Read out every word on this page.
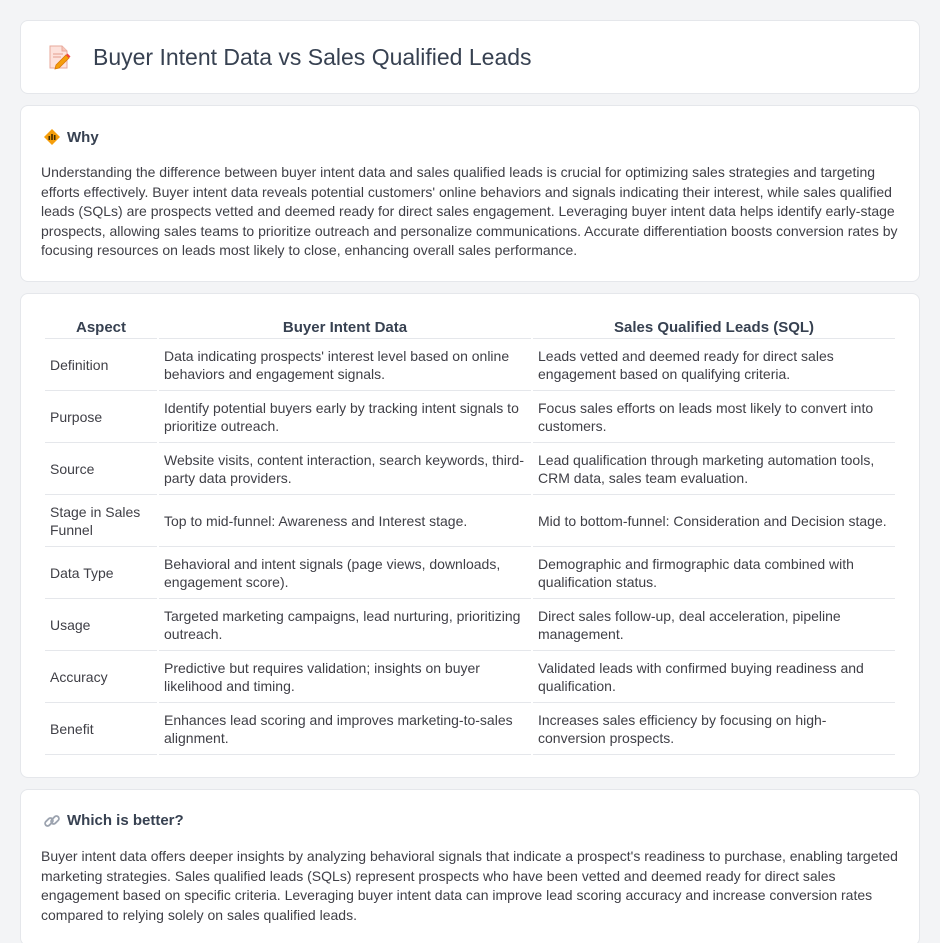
Buyer Intent Data vs Sales Qualified Leads
Why

Understanding the difference between buyer intent data and sales qualified leads is crucial for optimizing sales strategies and targeting efforts effectively. Buyer intent data reveals potential customers' online behaviors and signals indicating their interest, while sales qualified leads (SQLs) are prospects vetted and deemed ready for direct sales engagement. Leveraging buyer intent data helps identify early-stage prospects, allowing sales teams to prioritize outreach and personalize communications. Accurate differentiation boosts conversion rates by focusing resources on leads most likely to close, enhancing overall sales performance.

Aspect	Buyer Intent Data	Sales Qualified Leads (SQL)
Definition	Data indicating prospects' interest level based on online behaviors and engagement signals.	Leads vetted and deemed ready for direct sales engagement based on qualifying criteria.
Purpose	Identify potential buyers early by tracking intent signals to prioritize outreach.	Focus sales efforts on leads most likely to convert into customers.
Source	Website visits, content interaction, search keywords, third-party data providers.	Lead qualification through marketing automation tools, CRM data, sales team evaluation.
Stage in Sales Funnel	Top to mid-funnel: Awareness and Interest stage.	Mid to bottom-funnel: Consideration and Decision stage.
Data Type	Behavioral and intent signals (page views, downloads, engagement score).	Demographic and firmographic data combined with qualification status.
Usage	Targeted marketing campaigns, lead nurturing, prioritizing outreach.	Direct sales follow-up, deal acceleration, pipeline management.
Accuracy	Predictive but requires validation; insights on buyer likelihood and timing.	Validated leads with confirmed buying readiness and qualification.
Benefit	Enhances lead scoring and improves marketing-to-sales alignment.	Increases sales efficiency by focusing on high-conversion prospects.
Which is better?

Buyer intent data offers deeper insights by analyzing behavioral signals that indicate a prospect's readiness to purchase, enabling targeted marketing strategies. Sales qualified leads (SQLs) represent prospects who have been vetted and deemed ready for direct sales engagement based on specific criteria. Leveraging buyer intent data can improve lead scoring accuracy and increase conversion rates compared to relying solely on sales qualified leads.
